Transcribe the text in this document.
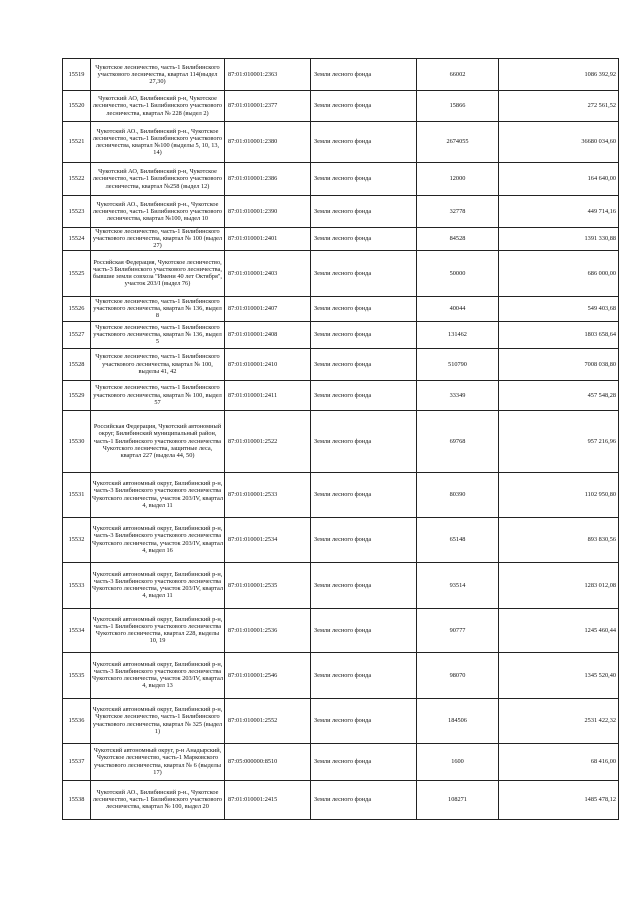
15519	Чукотское лесничество, часть-1 Билибинского участкового лесничества, квартал 114(выдел 27,30)	87:01:010001:2363	Земли лесного фонда	66002	1086 392,92
15520	Чукотский АО, Билибинский р-н, Чукотское лесничество, часть-1 Билибинского участкового лесничества, квартал № 228 (выдел 2)	87:01:010001:2377	Земли лесного фонда	15866	272 561,52
15521	Чукотский АО., Билибинский р-н., Чукотское лесничество, часть-1 Билибинского участкового лесничества, квартал №100 (выделы 5, 10, 13, 14)	87:01:010001:2380	Земли лесного фонда	2674055	36680 034,60
15522	Чукотский АО, Билибинский р-н, Чукотское лесничество, часть-1 Билибинского участкового лесничества, квартал №258 (выдел 12)	87:01:010001:2386	Земли лесного фонда	12000	164 640,00
15523	Чукотский АО., Билибинский р-н., Чукотское лесничество, часть-1 Билибинского участкового лесничества, квартал №100, выдел 10	87:01:010001:2390	Земли лесного фонда	32778	449 714,16
15524	Чукотское лесничество, часть-1 Билибинского участкового лесничества, квартал № 100 (выдел 27)	87:01:010001:2401	Земли лесного фонда	84528	1391 330,88
15525	Российская Федерация, Чукотское лесничество, часть-3 Билибинского участкового лесничества, бывшие земли совхоза "Имени 40 лет Октября", участок 203/I (выдел 76)	87:01:010001:2403	Земли лесного фонда	50000	686 000,00
15526	Чукотское лесничество, часть-1 Билибинского участкового лесничества, квартал № 136, выдел 8	87:01:010001:2407	Земли лесного фонда	40044	549 403,68
15527	Чукотское лесничество, часть-1 Билибинского участкового лесничества, квартал № 136, выдел 5	87:01:010001:2408	Земли лесного фонда	131462	1803 658,64
15528	Чукотское лесничество, часть-1 Билибинского участкового лесничества, квартал № 100, выделы 41, 42	87:01:010001:2410	Земли лесного фонда	510790	7008 038,80
15529	Чукотское лесничество, часть-1 Билибинского участкового лесничества, квартал № 100, выдел 57	87:01:010001:2411	Земли лесного фонда	33349	457 548,28
15530	Российская Федерация, Чукотский автономный округ, Билибинский муниципальный район, часть-1 Билибинского участкового лесничества Чукотского лесничества, защитные леса, квартал 227 (выдела 44, 50)	87:01:010001:2522	Земли лесного фонда	69768	957 216,96
15531	Чукотский автономный округ, Билибинский р-н, часть-3 Билибинского участкового лесничества Чукотского лесничества, участок 203/IV, квартал 4, выдел 11	87:01:010001:2533	Земли лесного фонда	80390	1102 950,80
15532	Чукотский автономный округ, Билибинский р-н, часть-3 Билибинского участкового лесничества Чукотского лесничества, участок 203/IV, квартал 4, выдел 16	87:01:010001:2534	Земли лесного фонда	65148	893 830,56
15533	Чукотский автономный округ, Билибинский р-н, часть-3 Билибинского участкового лесничества Чукотского лесничества, участок 203/IV, квартал 4, выдел 11	87:01:010001:2535	Земли лесного фонда	93514	1283 012,08
15534	Чукотский автономный округ, Билибинский р-н, часть-1 Билибинского участкового лесничества Чукотского лесничества, квартал 228, выделы 10, 19	87:01:010001:2536	Земли лесного фонда	90777	1245 460,44
15535	Чукотский автономный округ, Билибинский р-н, часть-3 Билибинского участкового лесничества Чукотского лесничества, участок 203/IV, квартал 4, выдел 13	87:01:010001:2546	Земли лесного фонда	98070	1345 520,40
15536	Чукотский автономный округ, Билибинский р-н, Чукотское лесничество, часть-1 Билибинского участкового лесничества, квартал № 325 (выдел 1)	87:01:010001:2552	Земли лесного фонда	184506	2531 422,32
15537	Чукотский автономный округ, р-н Анадырский, Чукотское лесничество, часть-1 Марковского участкового лесничества, квартал № 6 (выделы 17)	87:05:000000:8510	Земли лесного фонда	1600	68 416,00
15538	Чукотский АО., Билибинский р-н., Чукотское лесничество, часть-1 Билибинского участкового лесничества, квартал № 100, выдел 20	87:01:010001:2415	Земли лесного фонда	108271	1485 478,12
